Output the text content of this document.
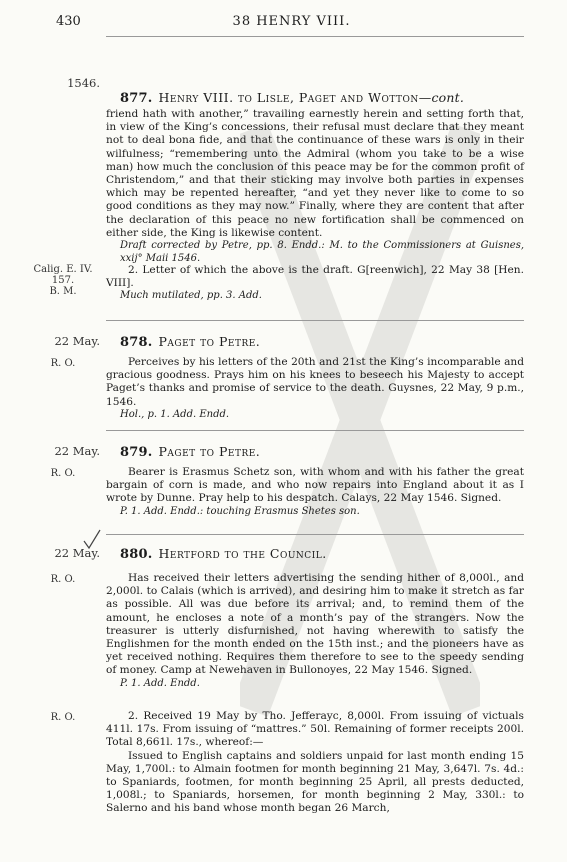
430	38 HENRY VIII.
1546.
877. Henry VIII. to Lisle, Paget and Wotton—cont.

friend hath with another,” travailing earnestly herein and setting forth that, in view of the King’s concessions, their refusal must declare that they meant not to deal bona fide, and that the continuance of these wars is only in their wilfulness; “remembering unto the Admiral (whom you take to be a wise man) how much the conclusion of this peace may be for the common profit of Christendom,” and that their sticking may involve both parties in expenses which may be repented hereafter, “and yet they never like to come to so good conditions as they may now.” Finally, where they are content that after the declaration of this peace no new fortification shall be commenced on either side, the King is likewise content.

Draft corrected by Petre, pp. 8. Endd.: M. to the Commissioners at Guisnes, xxij° Maii 1546.

Calig. E. IV.
157.
B. M.

2. Letter of which the above is the draft. G[reenwich], 22 May 38 [Hen. VIII].

Much mutilated, pp. 3. Add.

22 May. 878. Paget to Petre.
R. O.	Perceives by his letters of the 20th and 21st the King’s incomparable and gracious goodness. Prays him on his knees to beseech his Majesty to accept Paget’s thanks and promise of service to the death. Guysnes, 22 May, 9 p.m., 1546.

Hol., p. 1. Add. Endd.

22 May. 879. Paget to Petre.
R. O.	Bearer is Erasmus Schetz son, with whom and with his father the great bargain of corn is made, and who now repairs into England about it as I wrote by Dunne. Pray help to his despatch. Calays, 22 May 1546. Signed.

P. 1. Add. Endd.: touching Erasmus Shetes son.

22 May. 880. Hertford to the Council.
R. O.	Has received their letters advertising the sending hither of 8,000l., and 2,000l. to Calais (which is arrived), and desiring him to make it stretch as far as possible. All was due before its arrival; and, to remind them of the amount, he encloses a note of a month’s pay of the strangers. Now the treasurer is utterly disfurnished, not having wherewith to satisfy the Englishmen for the month ended on the 15th inst.; and the pioneers have as yet received nothing. Requires them therefore to see to the speedy sending of money. Camp at Newehaven in Bullonoyes, 22 May 1546. Signed.

P. 1. Add. Endd.

R. O.	2. Received 19 May by Tho. Jefferayc, 8,000l. From issuing of victuals 411l. 17s. From issuing of “mattres.” 50l. Remaining of former receipts 200l. Total 8,661l. 17s., whereof:—

Issued to English captains and soldiers unpaid for last month ending 15 May, 1,700l.: to Almain footmen for month beginning 21 May, 3,647l. 7s. 4d.: to Spaniards, footmen, for month beginning 25 April, all prests deducted, 1,008l.; to Spaniards, horsemen, for month beginning 2 May, 330l.: to Salerno and his band whose month began 26 March,
